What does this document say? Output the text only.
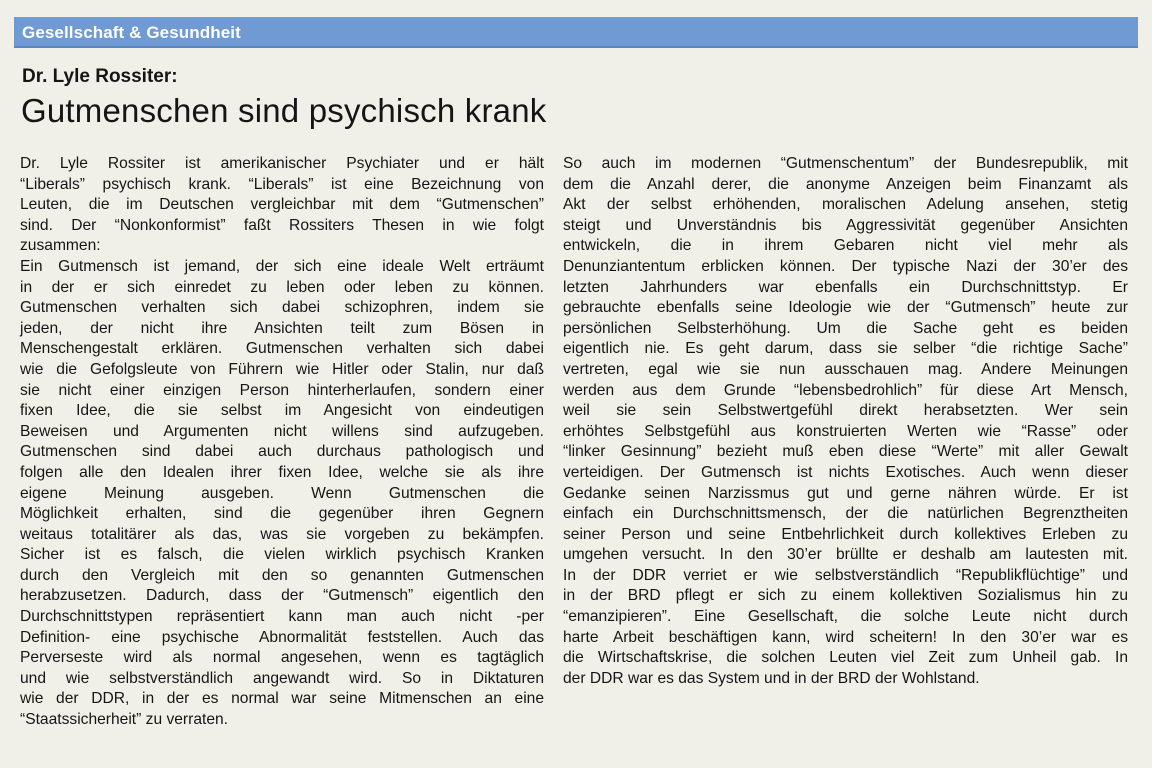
Gesellschaft & Gesundheit
Dr. Lyle Rossiter:
Gutmenschen sind psychisch krank
Dr. Lyle Rossiter ist amerikanischer Psychiater und er hält
“Liberals” psychisch krank. “Liberals” ist eine Bezeichnung von
Leuten, die im Deutschen vergleichbar mit dem “Gutmenschen”
sind. Der “Nonkonformist” faßt Rossiters Thesen in wie folgt
zusammen:
Ein Gutmensch ist jemand, der sich eine ideale Welt erträumt
in der er sich einredet zu leben oder leben zu können.
Gutmenschen verhalten sich dabei schizophren, indem sie
jeden, der nicht ihre Ansichten teilt zum Bösen in
Menschengestalt erklären. Gutmenschen verhalten sich dabei
wie die Gefolgsleute von Führern wie Hitler oder Stalin, nur daß
sie nicht einer einzigen Person hinterherlaufen, sondern einer
fixen Idee, die sie selbst im Angesicht von eindeutigen
Beweisen und Argumenten nicht willens sind aufzugeben.
Gutmenschen sind dabei auch durchaus pathologisch und
folgen alle den Idealen ihrer fixen Idee, welche sie als ihre
eigene Meinung ausgeben. Wenn Gutmenschen die
Möglichkeit erhalten, sind die gegenüber ihren Gegnern
weitaus totalitärer als das, was sie vorgeben zu bekämpfen.
Sicher ist es falsch, die vielen wirklich psychisch Kranken
durch den Vergleich mit den so genannten Gutmenschen
herabzusetzen. Dadurch, dass der “Gutmensch” eigentlich den
Durchschnittstypen repräsentiert kann man auch nicht -per
Definition- eine psychische Abnormalität feststellen. Auch das
Perverseste wird als normal angesehen, wenn es tagtäglich
und wie selbstverständlich angewandt wird. So in Diktaturen
wie der DDR, in der es normal war seine Mitmenschen an eine
“Staatssicherheit” zu verraten.
So auch im modernen “Gutmenschentum” der Bundesrepublik, mit
dem die Anzahl derer, die anonyme Anzeigen beim Finanzamt als
Akt der selbst erhöhenden, moralischen Adelung ansehen, stetig
steigt und Unverständnis bis Aggressivität gegenüber Ansichten
entwickeln, die in ihrem Gebaren nicht viel mehr als
Denunziantentum erblicken können. Der typische Nazi der 30’er des
letzten Jahrhunders war ebenfalls ein Durchschnittstyp. Er
gebrauchte ebenfalls seine Ideologie wie der “Gutmensch” heute zur
persönlichen Selbsterhöhung. Um die Sache geht es beiden
eigentlich nie. Es geht darum, dass sie selber “die richtige Sache”
vertreten, egal wie sie nun ausschauen mag. Andere Meinungen
werden aus dem Grunde “lebensbedrohlich” für diese Art Mensch,
weil sie sein Selbstwertgefühl direkt herabsetzten. Wer sein
erhöhtes Selbstgefühl aus konstruierten Werten wie “Rasse” oder
“linker Gesinnung” bezieht muß eben diese “Werte” mit aller Gewalt
verteidigen. Der Gutmensch ist nichts Exotisches. Auch wenn dieser
Gedanke seinen Narzissmus gut und gerne nähren würde. Er ist
einfach ein Durchschnittsmensch, der die natürlichen Begrenztheiten
seiner Person und seine Entbehrlichkeit durch kollektives Erleben zu
umgehen versucht. In den 30’er brüllte er deshalb am lautesten mit.
In der DDR verriet er wie selbstverständlich “Republikflüchtige” und
in der BRD pflegt er sich zu einem kollektiven Sozialismus hin zu
“emanzipieren”. Eine Gesellschaft, die solche Leute nicht durch
harte Arbeit beschäftigen kann, wird scheitern! In den 30’er war es
die Wirtschaftskrise, die solchen Leuten viel Zeit zum Unheil gab. In
der DDR war es das System und in der BRD der Wohlstand.
